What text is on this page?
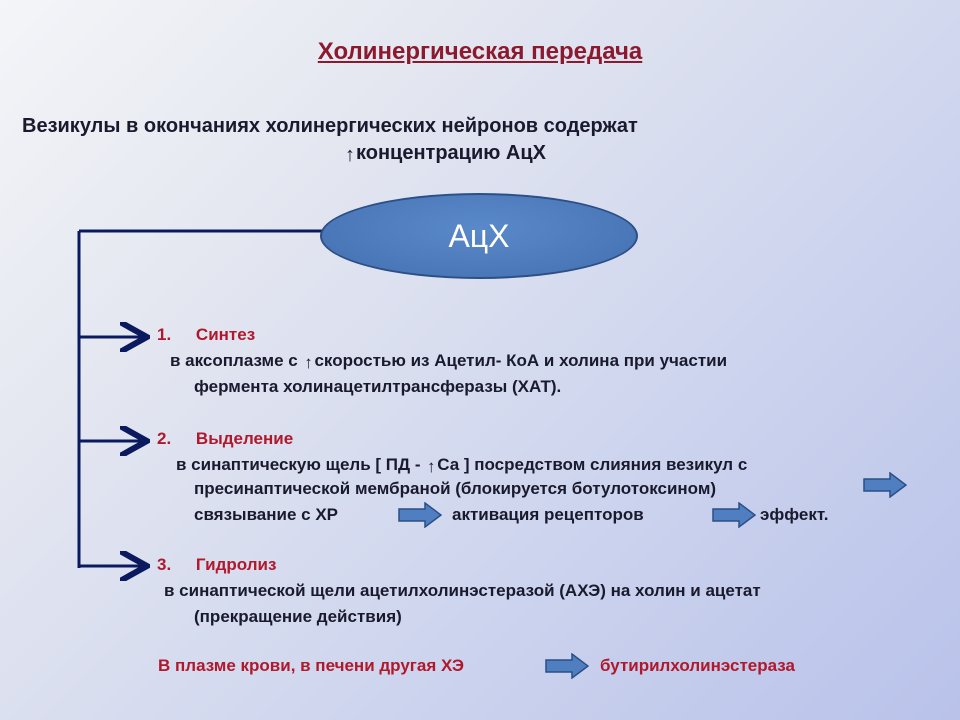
Холинергическая передача
Везикулы в окончаниях холинергических нейронов содержат
↑концентрацию АцХ
АцХ
1. Синтез
в аксоплазме с ↑ скоростью из Ацетил- КоА и холина при участии
фермента холинацетилтрансферазы (ХАТ).
2. Выделение
в синаптическую щель [ ПД - ↑ Са ] посредством слияния везикул с
пресинаптической мембраной (блокируется ботулотоксином)
связывание с ХР	активация рецепторов	эффект.
3. Гидролиз
в синаптической щели ацетилхолинэстеразой (АХЭ) на холин и ацетат
(прекращение действия)
В плазме крови, в печени другая ХЭ	бутирилхолинэстераза
